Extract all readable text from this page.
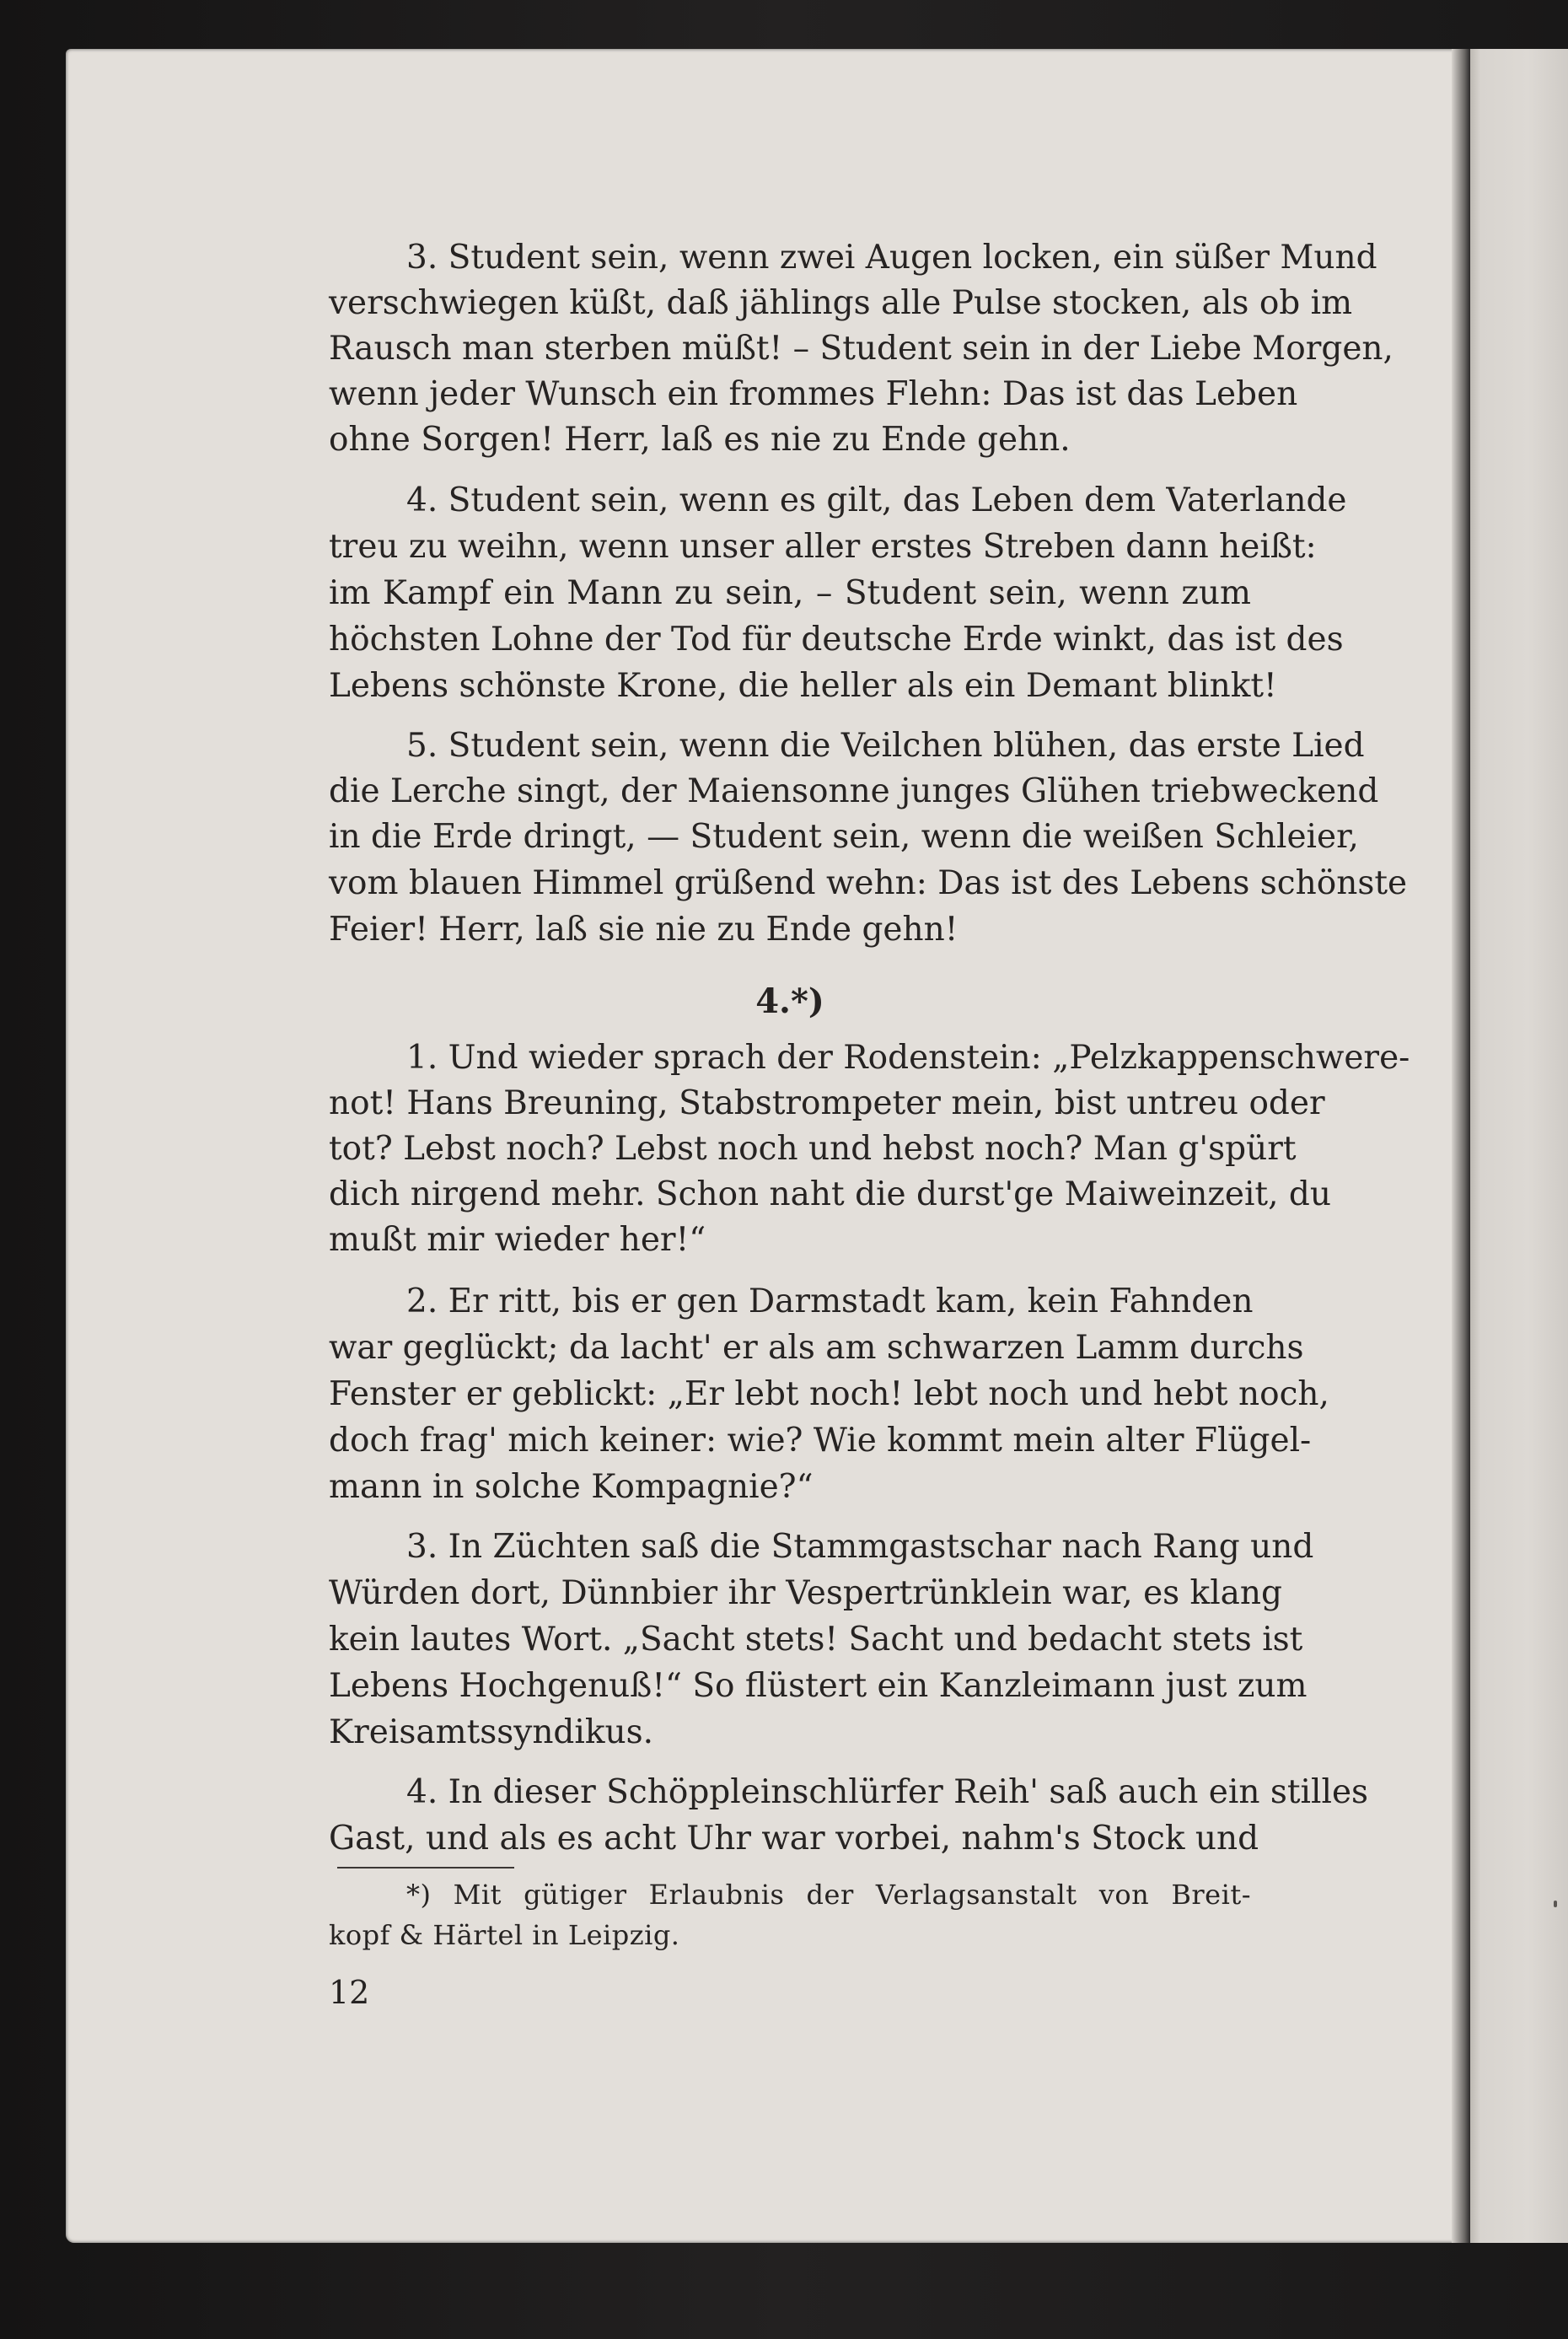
3. Student sein, wenn zwei Augen locken, ein süßer Mund
verschwiegen küßt, daß jählings alle Pulse stocken, als ob im
Rausch man sterben müßt! – Student sein in der Liebe Morgen,
wenn jeder Wunsch ein frommes Flehn: Das ist das Leben
ohne Sorgen! Herr, laß es nie zu Ende gehn.
4. Student sein, wenn es gilt, das Leben dem Vaterlande
treu zu weihn, wenn unser aller erstes Streben dann heißt:
im Kampf ein Mann zu sein, – Student sein, wenn zum
höchsten Lohne der Tod für deutsche Erde winkt, das ist des
Lebens schönste Krone, die heller als ein Demant blinkt!
5. Student sein, wenn die Veilchen blühen, das erste Lied
die Lerche singt, der Maiensonne junges Glühen triebweckend
in die Erde dringt, — Student sein, wenn die weißen Schleier,
vom blauen Himmel grüßend wehn: Das ist des Lebens schönste
Feier! Herr, laß sie nie zu Ende gehn!
4.*)
1. Und wieder sprach der Rodenstein: „Pelzkappenschwere-
not! Hans Breuning, Stabstrompeter mein, bist untreu oder
tot? Lebst noch? Lebst noch und hebst noch? Man g'spürt
dich nirgend mehr. Schon naht die durst'ge Maiweinzeit, du
mußt mir wieder her!“
2. Er ritt, bis er gen Darmstadt kam, kein Fahnden
war geglückt; da lacht' er als am schwarzen Lamm durchs
Fenster er geblickt: „Er lebt noch! lebt noch und hebt noch,
doch frag' mich keiner: wie? Wie kommt mein alter Flügel-
mann in solche Kompagnie?“
3. In Züchten saß die Stammgastschar nach Rang und
Würden dort, Dünnbier ihr Vespertrünklein war, es klang
kein lautes Wort. „Sacht stets! Sacht und bedacht stets ist
Lebens Hochgenuß!“ So flüstert ein Kanzleimann just zum
Kreisamtssyndikus.
4. In dieser Schöppleinschlürfer Reih' saß auch ein stilles
Gast, und als es acht Uhr war vorbei, nahm's Stock und
*) Mit gütiger Erlaubnis der Verlagsanstalt von Breit-
kopf & Härtel in Leipzig.
12
